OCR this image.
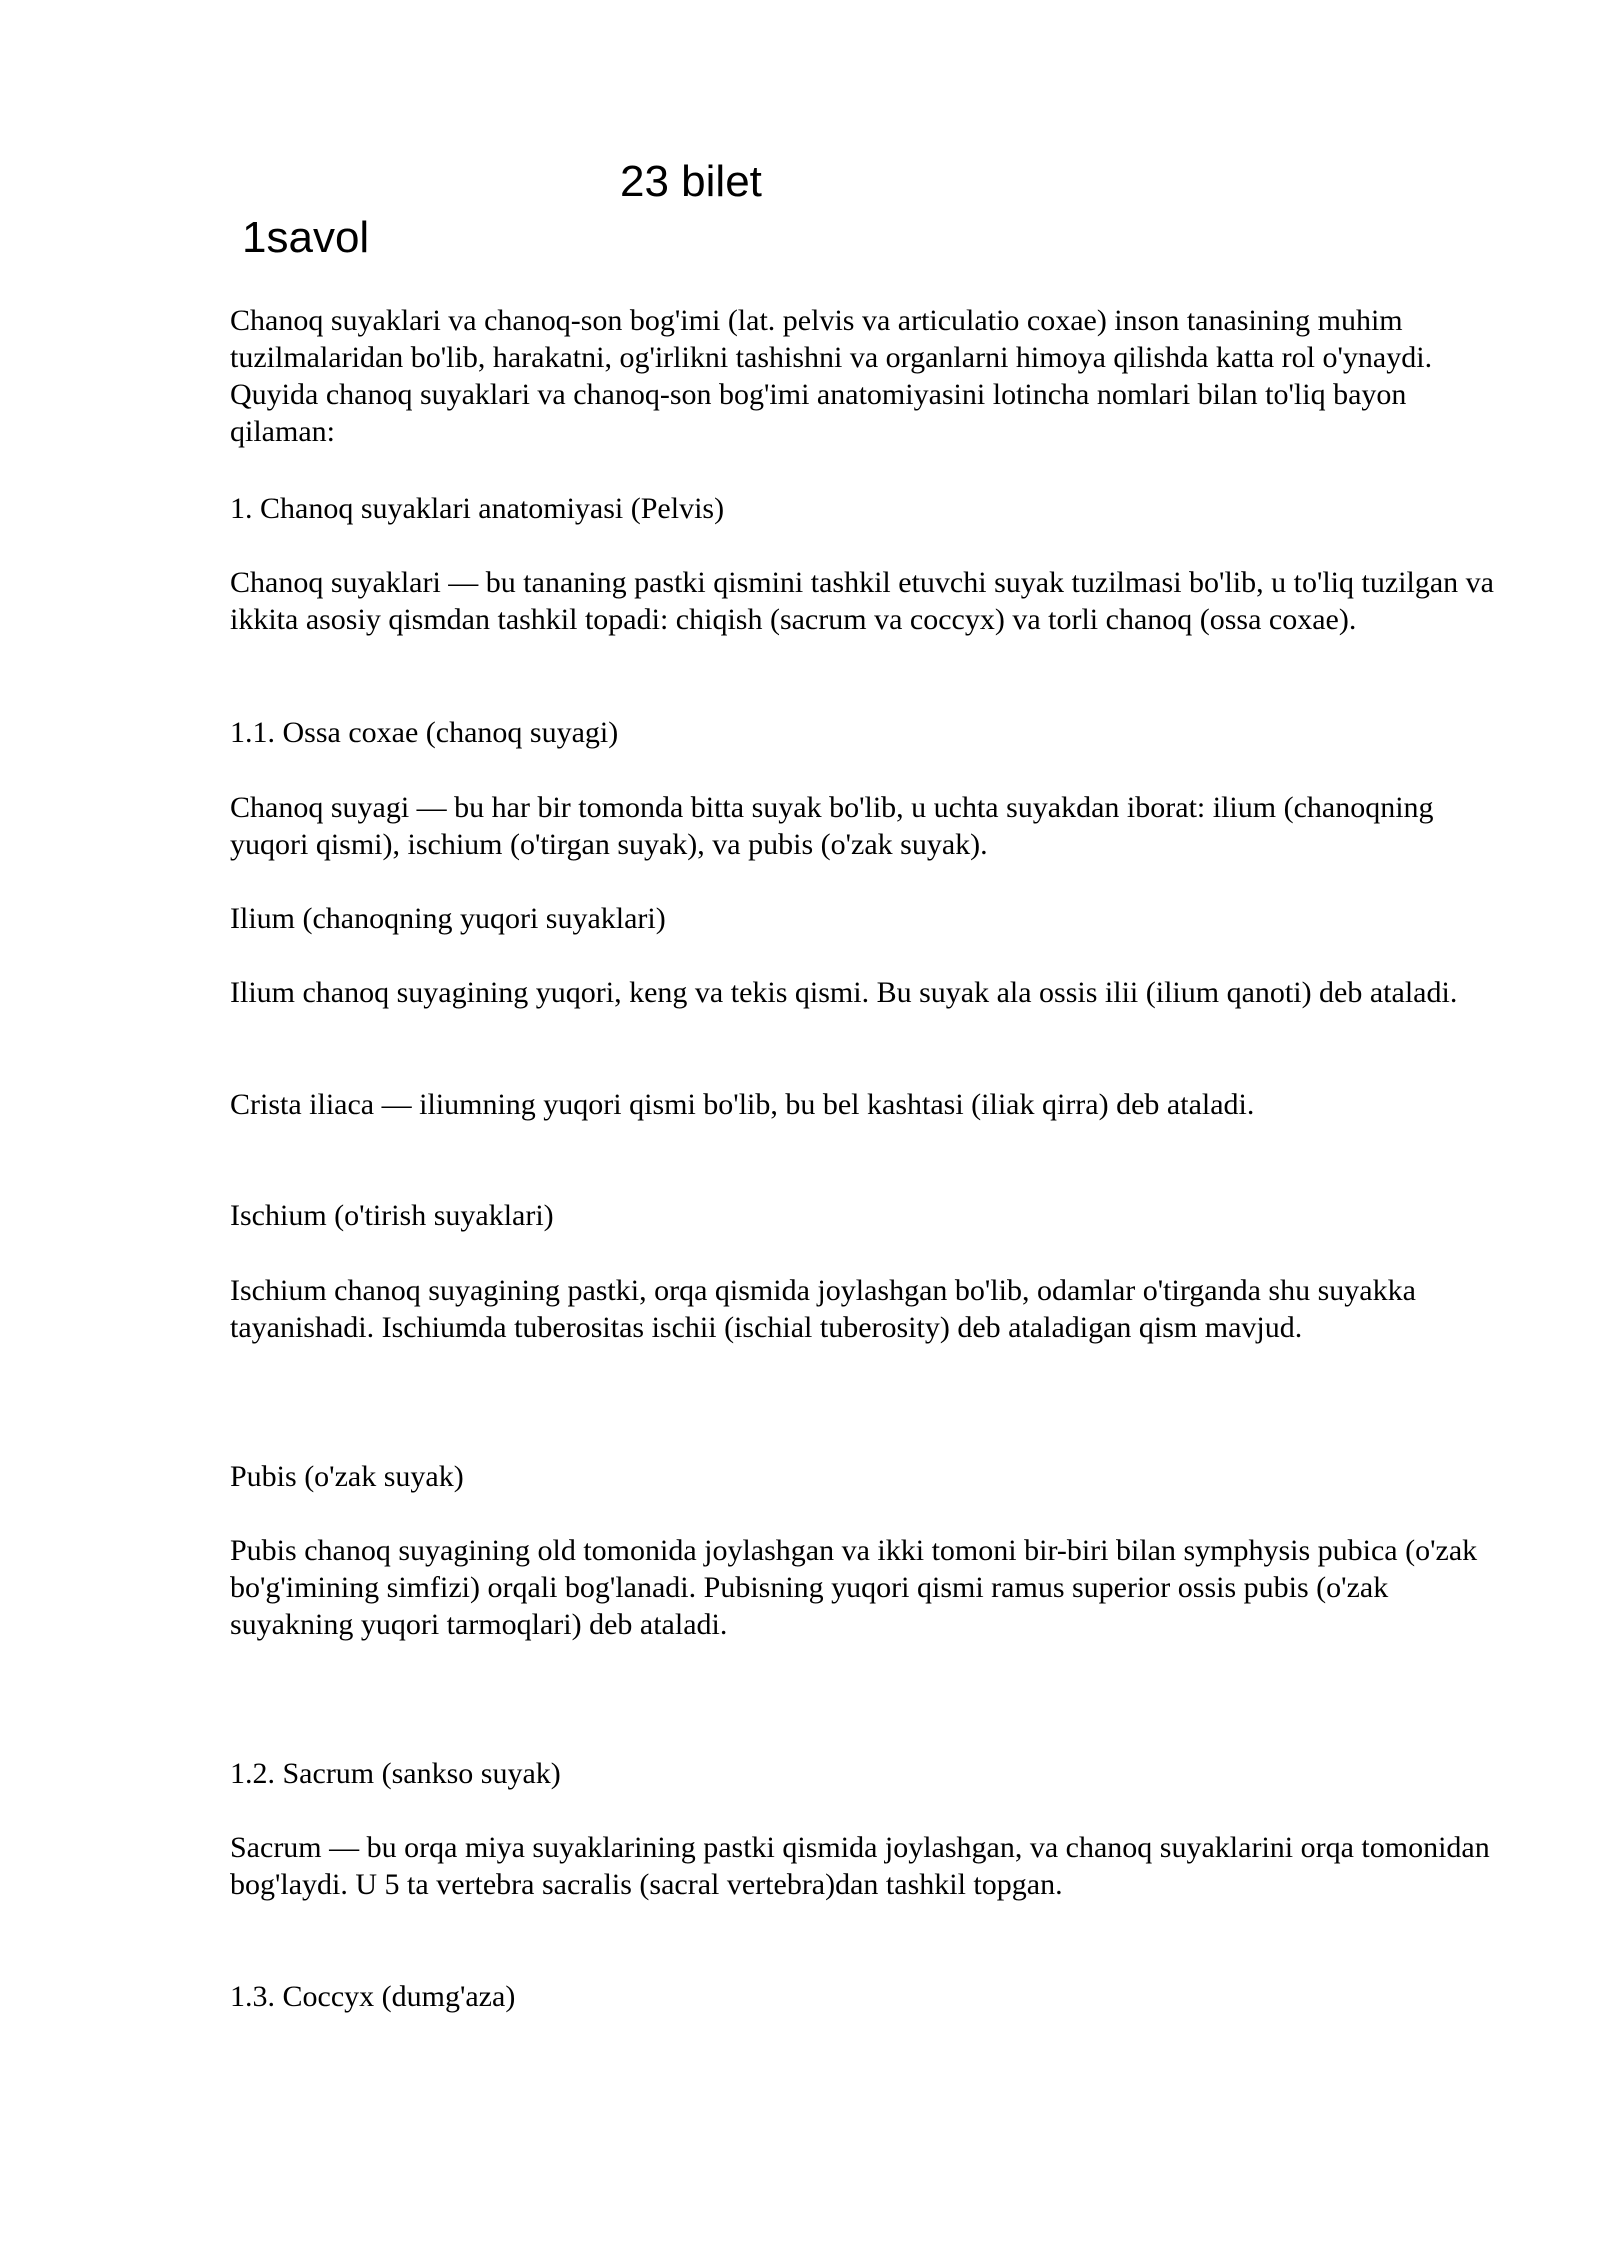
23 bilet
1savol

Chanoq suyaklari va chanoq-son bog'imi (lat. pelvis va articulatio coxae) inson tanasining muhim tuzilmalaridan bo'lib, harakatni, og'irlikni tashishni va organlarni himoya qilishda katta rol o'ynaydi. Quyida chanoq suyaklari va chanoq-son bog'imi anatomiyasini lotincha nomlari bilan to'liq bayon qilaman:

1. Chanoq suyaklari anatomiyasi (Pelvis)

Chanoq suyaklari — bu tananing pastki qismini tashkil etuvchi suyak tuzilmasi bo'lib, u to'liq tuzilgan va ikkita asosiy qismdan tashkil topadi: chiqish (sacrum va coccyx) va torli chanoq (ossa coxae).

1.1. Ossa coxae (chanoq suyagi)

Chanoq suyagi — bu har bir tomonda bitta suyak bo'lib, u uchta suyakdan iborat: ilium (chanoqning yuqori qismi), ischium (o'tirgan suyak), va pubis (o'zak suyak).

Ilium (chanoqning yuqori suyaklari)

Ilium chanoq suyagining yuqori, keng va tekis qismi. Bu suyak ala ossis ilii (ilium qanoti) deb ataladi.

Crista iliaca — iliumning yuqori qismi bo'lib, bu bel kashtasi (iliak qirra) deb ataladi.

Ischium (o'tirish suyaklari)

Ischium chanoq suyagining pastki, orqa qismida joylashgan bo'lib, odamlar o'tirganda shu suyakka tayanishadi. Ischiumda tuberositas ischii (ischial tuberosity) deb ataladigan qism mavjud.

Pubis (o'zak suyak)

Pubis chanoq suyagining old tomonida joylashgan va ikki tomoni bir-biri bilan symphysis pubica (o'zak bo'g'imining simfizi) orqali bog'lanadi. Pubisning yuqori qismi ramus superior ossis pubis (o'zak suyakning yuqori tarmoqlari) deb ataladi.

1.2. Sacrum (sankso suyak)

Sacrum — bu orqa miya suyaklarining pastki qismida joylashgan, va chanoq suyaklarini orqa tomonidan bog'laydi. U 5 ta vertebra sacralis (sacral vertebra)dan tashkil topgan.

1.3. Coccyx (dumg'aza)
